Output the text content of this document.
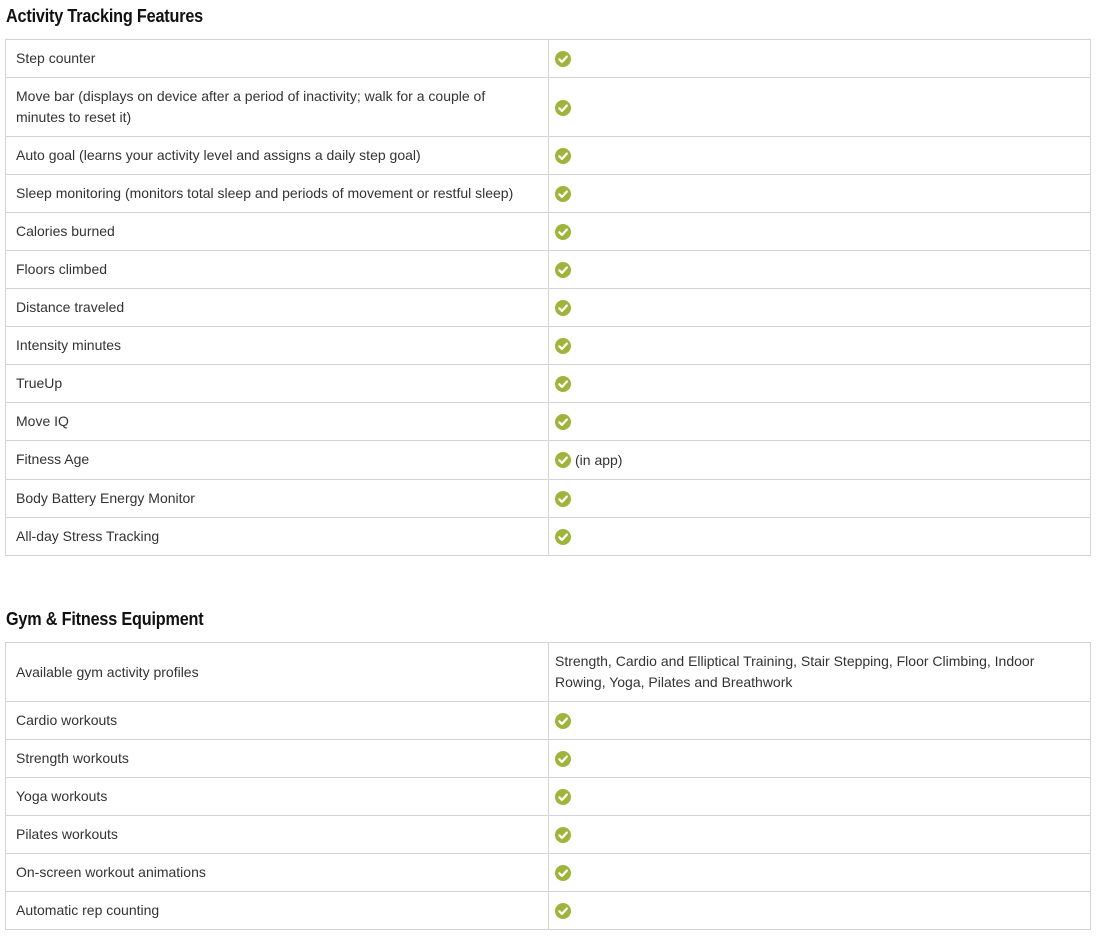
Activity Tracking Features
Step counter	

Move bar (displays on device after a period of inactivity; walk for a couple of minutes to reset it)	

Auto goal (learns your activity level and assigns a daily step goal)	

Sleep monitoring (monitors total sleep and periods of movement or restful sleep)	

Calories burned	

Floors climbed	

Distance traveled	

Intensity minutes	

TrueUp	

Move IQ	

Fitness Age	(in app)
Body Battery Energy Monitor	

All-day Stress Tracking	
Gym & Fitness Equipment
Available gym activity profiles	Strength, Cardio and Elliptical Training, Stair Stepping, Floor Climbing, Indoor Rowing, Yoga, Pilates and Breathwork
Cardio workouts	

Strength workouts	

Yoga workouts	

Pilates workouts	

On-screen workout animations	

Automatic rep counting	
